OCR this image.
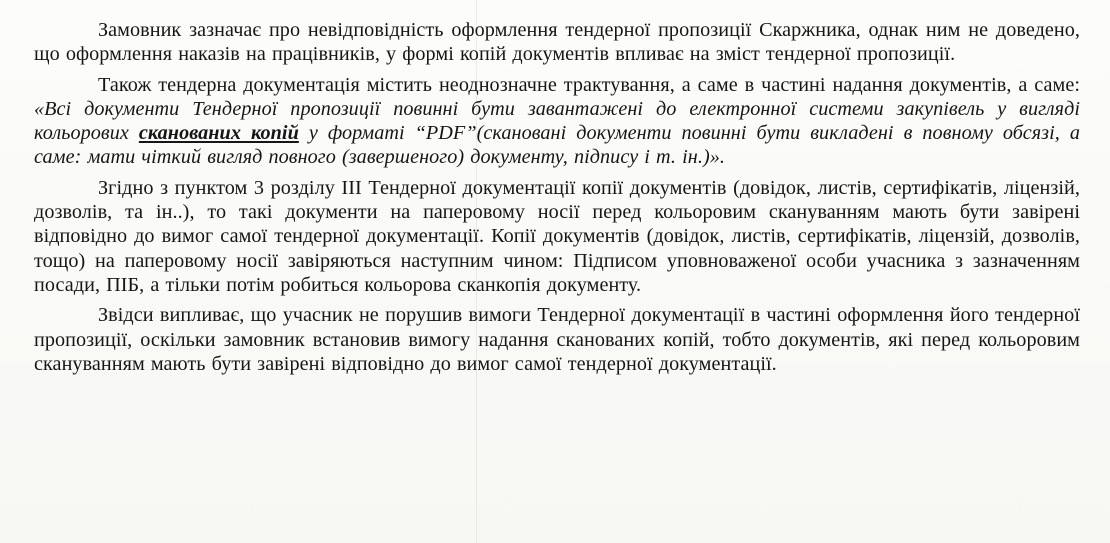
Замовник зазначає про невідповідність оформлення тендерної пропозиції Скаржника, однак ним не доведено, що оформлення наказів на працівників, у формі копій документів впливає на зміст тендерної пропозиції.

Також тендерна документація містить неоднозначне трактування, а саме в частині надання документів, а саме: «Всі документи Тендерної пропозиції повинні бути завантажені до електронної системи закупівель у вигляді кольорових сканованих копій у форматі “PDF”(скановані документи повинні бути викладені в повному обсязі, а саме: мати чіткий вигляд повного (завершеного) документу, підпису і т. ін.)».

Згідно з пунктом 3 розділу ІІІ Тендерної документації копії документів (довідок, листів, сертифікатів, ліцензій, дозволів, та ін..), то такі документи на паперовому носії перед кольоровим скануванням мають бути завірені відповідно до вимог самої тендерної документації. Копії документів (довідок, листів, сертифікатів, ліцензій, дозволів, тощо) на паперовому носії завіряються наступним чином: Підписом уповноваженої особи учасника з зазначенням посади, ПІБ, а тільки потім робиться кольорова сканкопія документу.

Звідси випливає, що учасник не порушив вимоги Тендерної документації в частині оформлення його тендерної пропозиції, оскільки замовник встановив вимогу надання сканованих копій, тобто документів, які перед кольоровим скануванням мають бути завірені відповідно до вимог самої тендерної документації.
